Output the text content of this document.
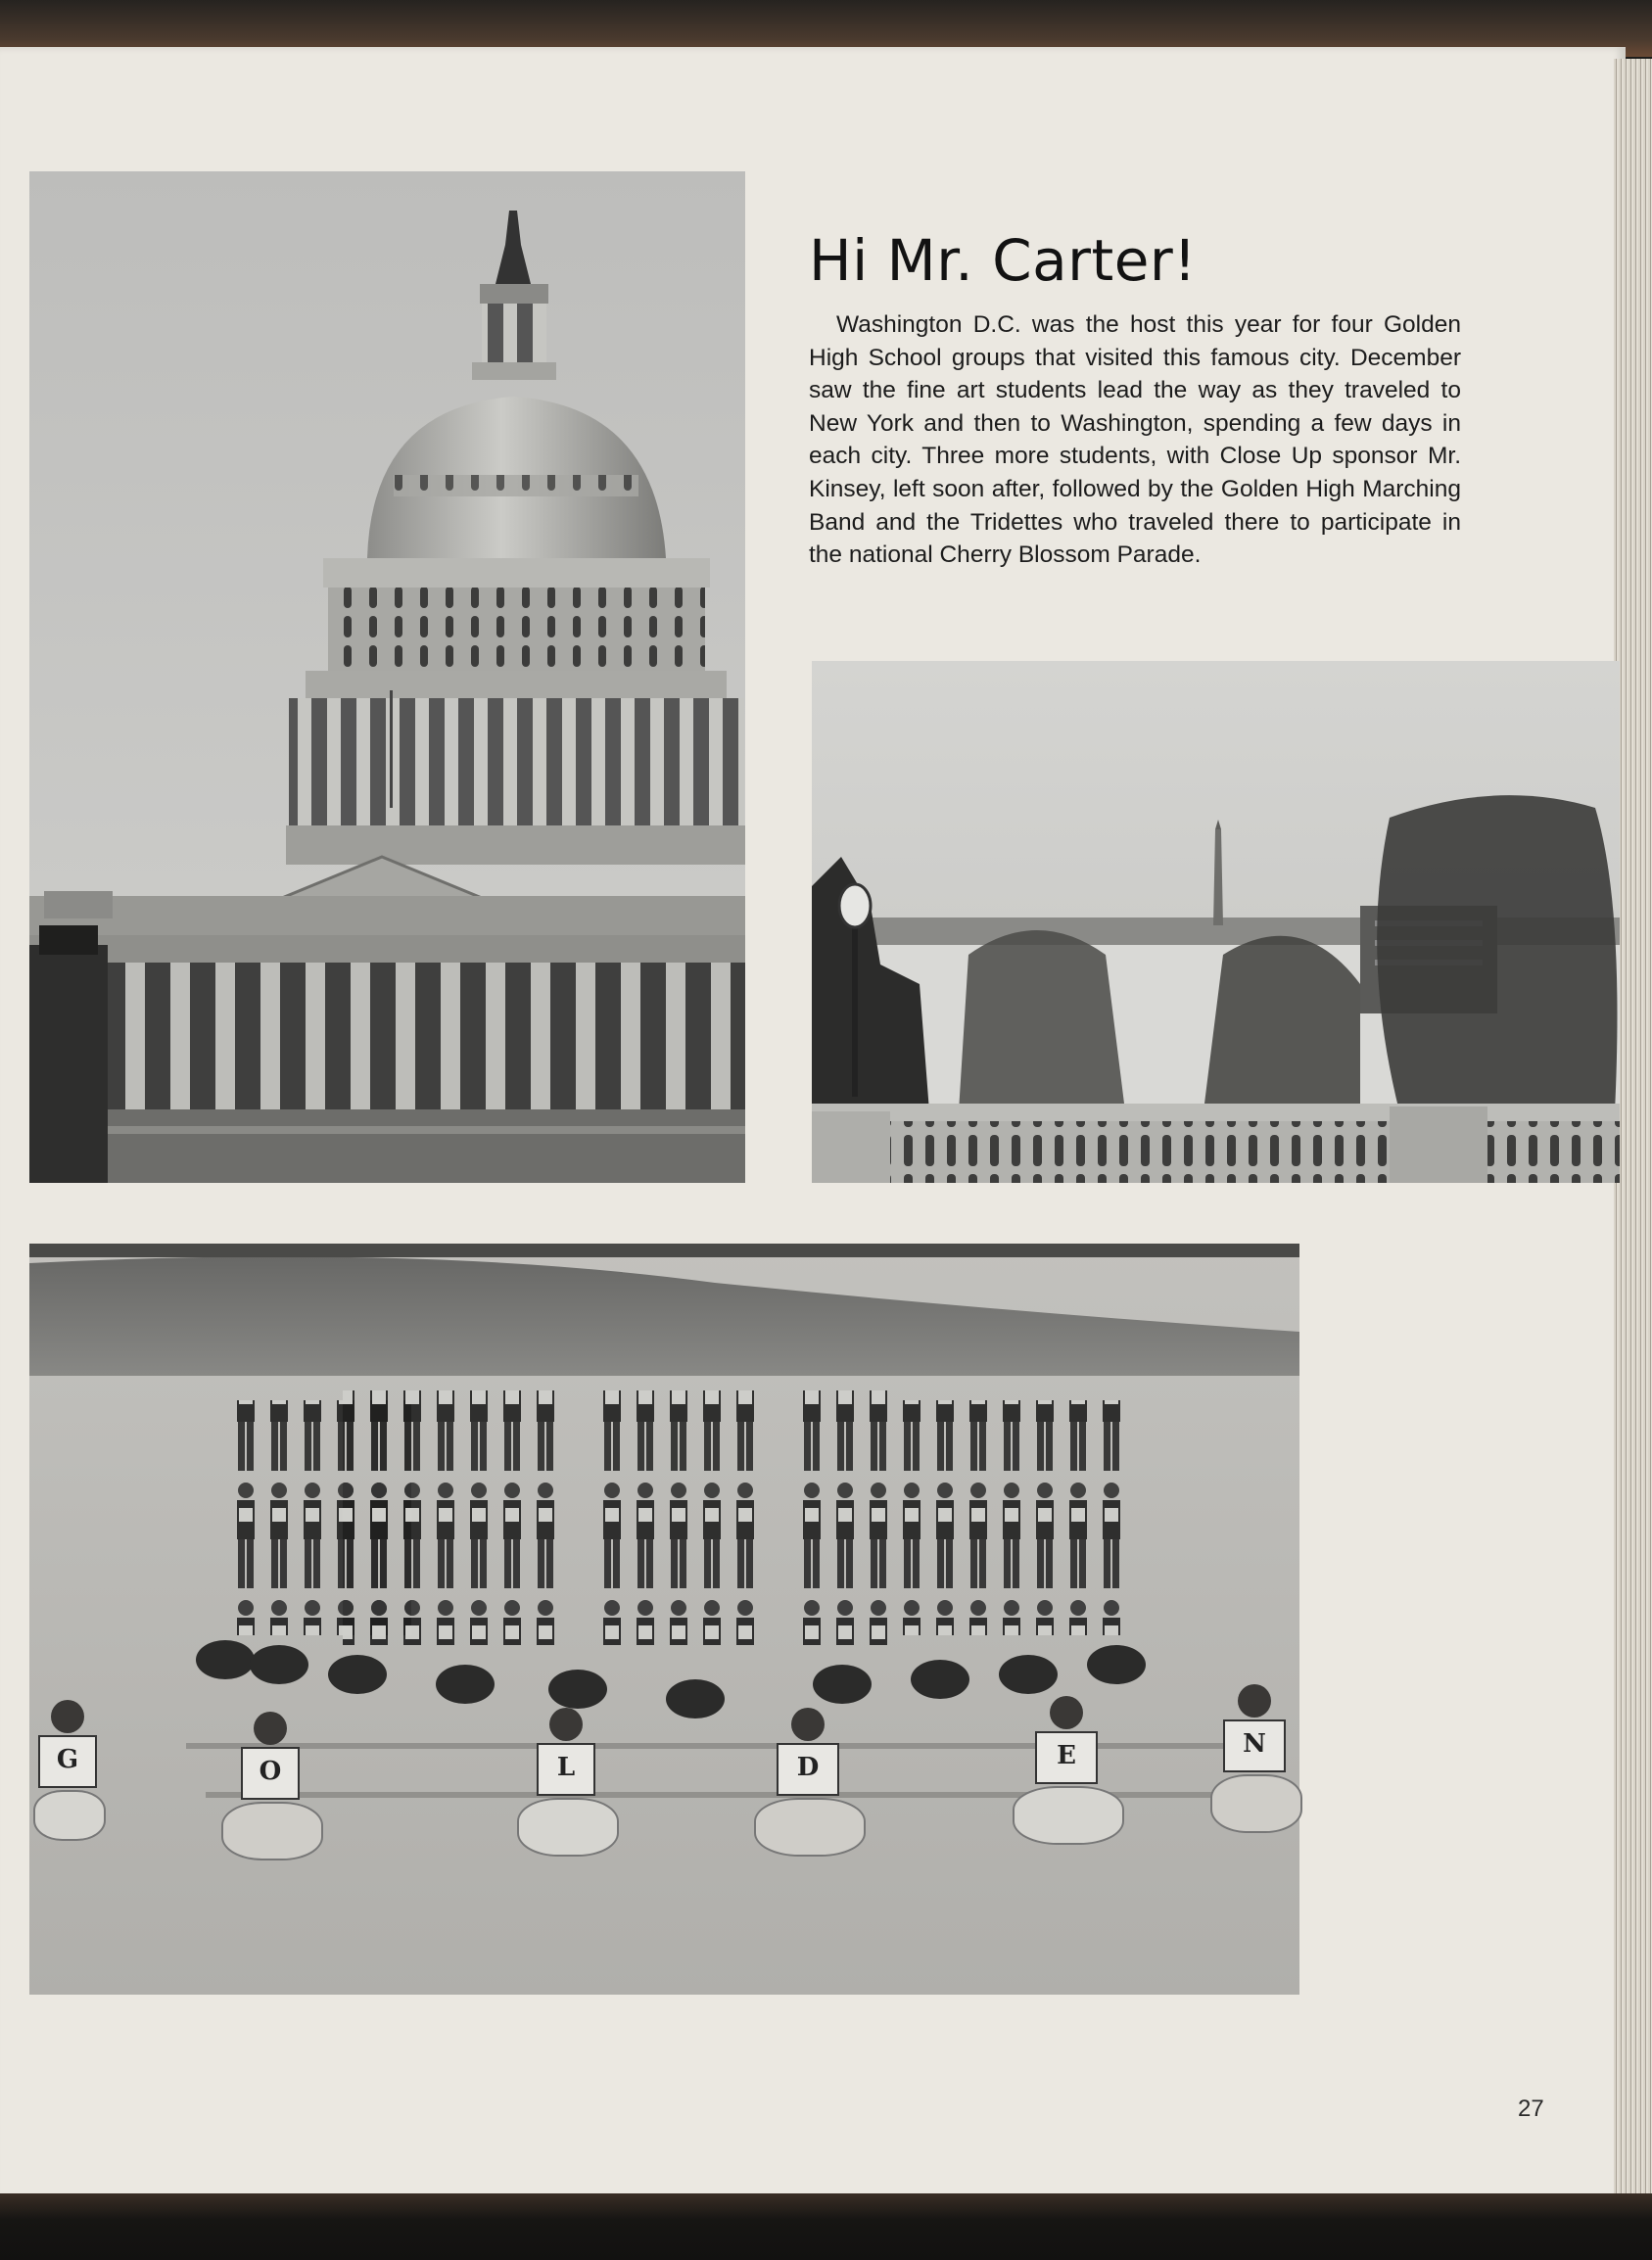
G	O	L	D	E	N
Hi Mr. Carter!

Washington D.C. was the host this year for four Golden High School groups that visited this famous city. December saw the fine art students lead the way as they traveled to New York and then to Washington, spending a few days in each city. Three more students, with Close Up sponsor Mr. Kinsey, left soon after, followed by the Golden High Marching Band and the Tridettes who traveled there to participate in the national Cherry Blossom Parade.

27
